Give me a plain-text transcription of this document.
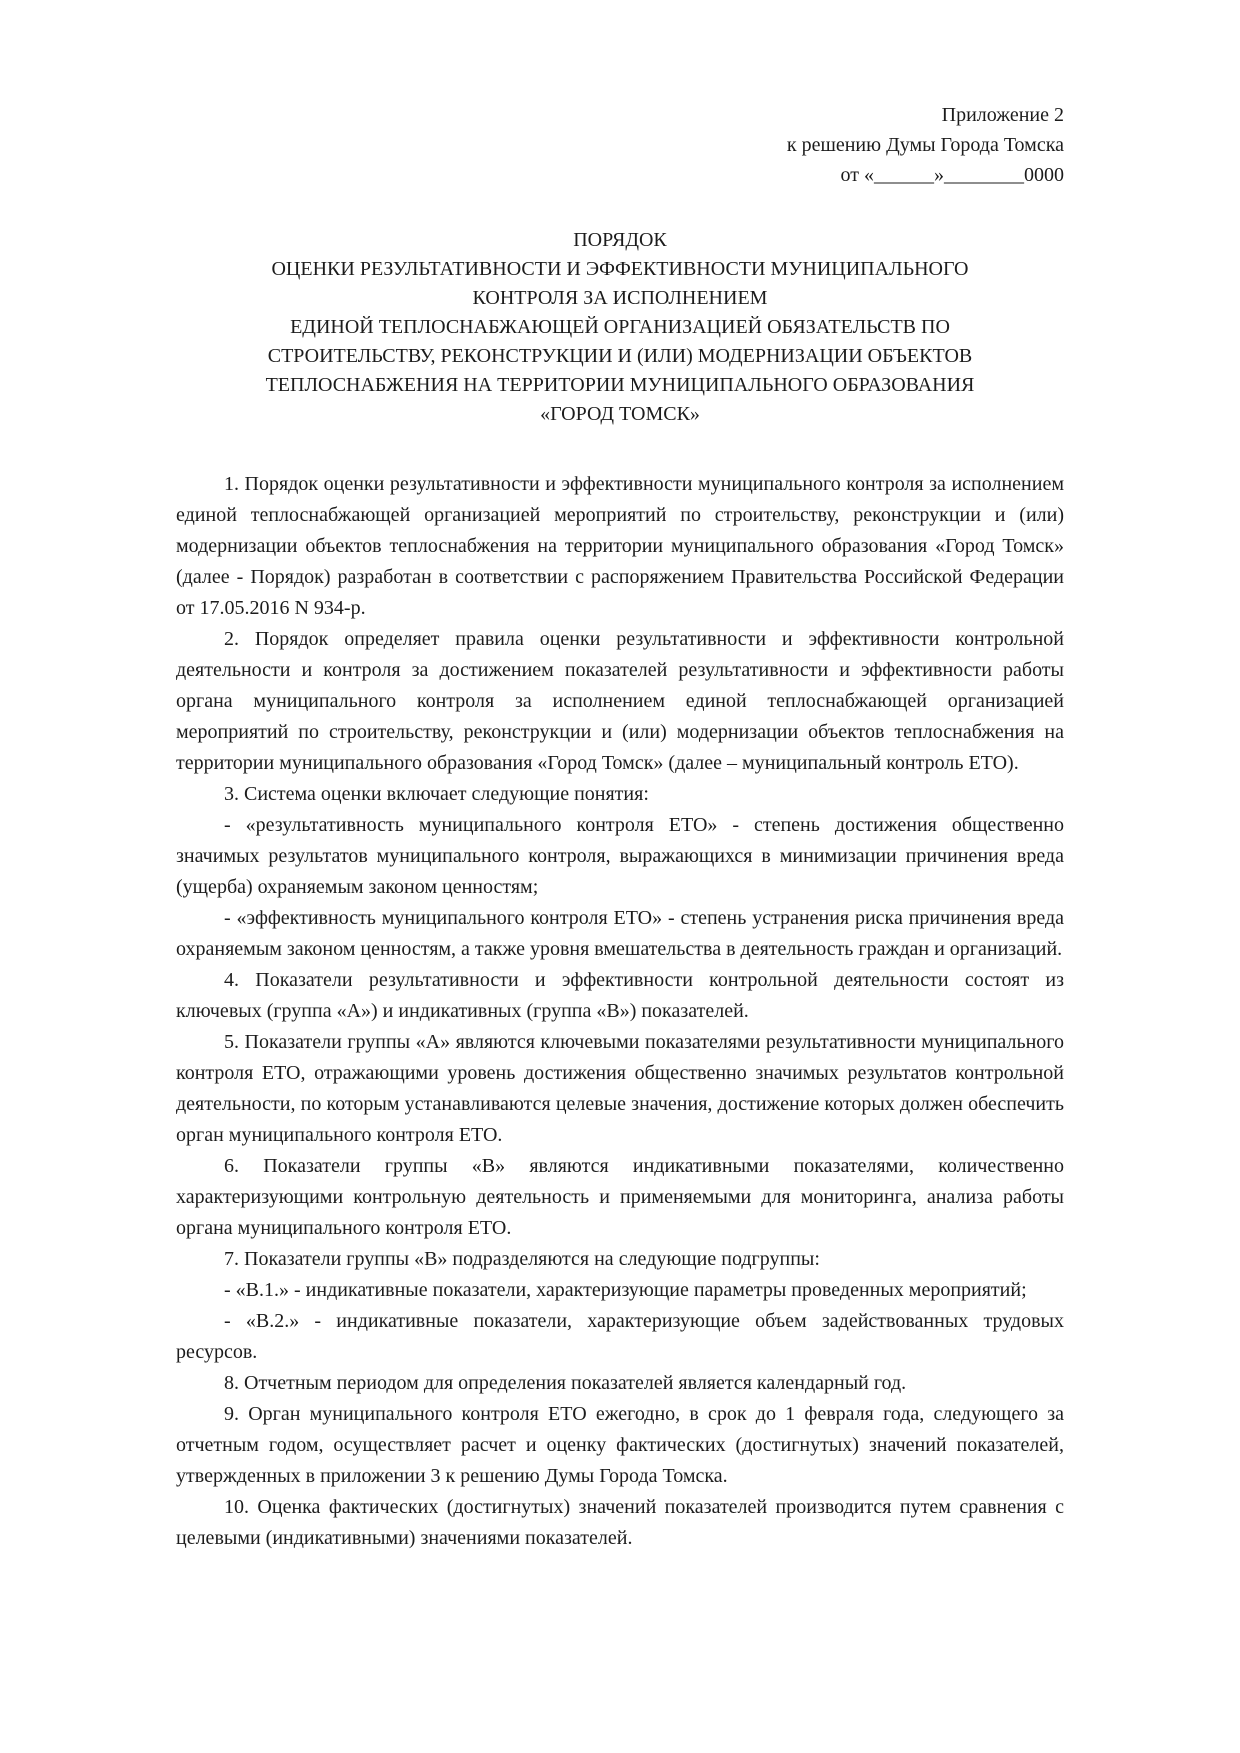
Приложение 2
к решению Думы Города Томска
от «______»________0000
ПОРЯДОК
ОЦЕНКИ РЕЗУЛЬТАТИВНОСТИ И ЭФФЕКТИВНОСТИ МУНИЦИПАЛЬНОГО
КОНТРОЛЯ ЗА ИСПОЛНЕНИЕМ
ЕДИНОЙ ТЕПЛОСНАБЖАЮЩЕЙ ОРГАНИЗАЦИЕЙ ОБЯЗАТЕЛЬСТВ ПО
СТРОИТЕЛЬСТВУ, РЕКОНСТРУКЦИИ И (ИЛИ) МОДЕРНИЗАЦИИ ОБЪЕКТОВ
ТЕПЛОСНАБЖЕНИЯ НА ТЕРРИТОРИИ МУНИЦИПАЛЬНОГО ОБРАЗОВАНИЯ
«ГОРОД ТОМСК»

1. Порядок оценки результативности и эффективности муниципального контроля за исполнением единой теплоснабжающей организацией мероприятий по строительству, реконструкции и (или) модернизации объектов теплоснабжения на территории муниципального образования «Город Томск» (далее - Порядок) разработан в соответствии с распоряжением Правительства Российской Федерации от 17.05.2016 N 934-р.

2. Порядок определяет правила оценки результативности и эффективности контрольной деятельности и контроля за достижением показателей результативности и эффективности работы органа муниципального контроля за исполнением единой теплоснабжающей организацией мероприятий по строительству, реконструкции и (или) модернизации объектов теплоснабжения на территории муниципального образования «Город Томск» (далее – муниципальный контроль ЕТО).

3. Система оценки включает следующие понятия:

- «результативность муниципального контроля ЕТО» - степень достижения общественно значимых результатов муниципального контроля, выражающихся в минимизации причинения вреда (ущерба) охраняемым законом ценностям;

- «эффективность муниципального контроля ЕТО» - степень устранения риска причинения вреда охраняемым законом ценностям, а также уровня вмешательства в деятельность граждан и организаций.

4. Показатели результативности и эффективности контрольной деятельности состоят из ключевых (группа «А») и индикативных (группа «В») показателей.

5. Показатели группы «А» являются ключевыми показателями результативности муниципального контроля ЕТО, отражающими уровень достижения общественно значимых результатов контрольной деятельности, по которым устанавливаются целевые значения, достижение которых должен обеспечить орган муниципального контроля ЕТО.

6. Показатели группы «В» являются индикативными показателями, количественно характеризующими контрольную деятельность и применяемыми для мониторинга, анализа работы органа муниципального контроля ЕТО.

7. Показатели группы «В» подразделяются на следующие подгруппы:

- «В.1.» - индикативные показатели, характеризующие параметры проведенных мероприятий;

- «В.2.» - индикативные показатели, характеризующие объем задействованных трудовых ресурсов.

8. Отчетным периодом для определения показателей является календарный год.

9. Орган муниципального контроля ЕТО ежегодно, в срок до 1 февраля года, следующего за отчетным годом, осуществляет расчет и оценку фактических (достигнутых) значений показателей, утвержденных в приложении 3 к решению Думы Города Томска.

10. Оценка фактических (достигнутых) значений показателей производится путем сравнения с целевыми (индикативными) значениями показателей.
